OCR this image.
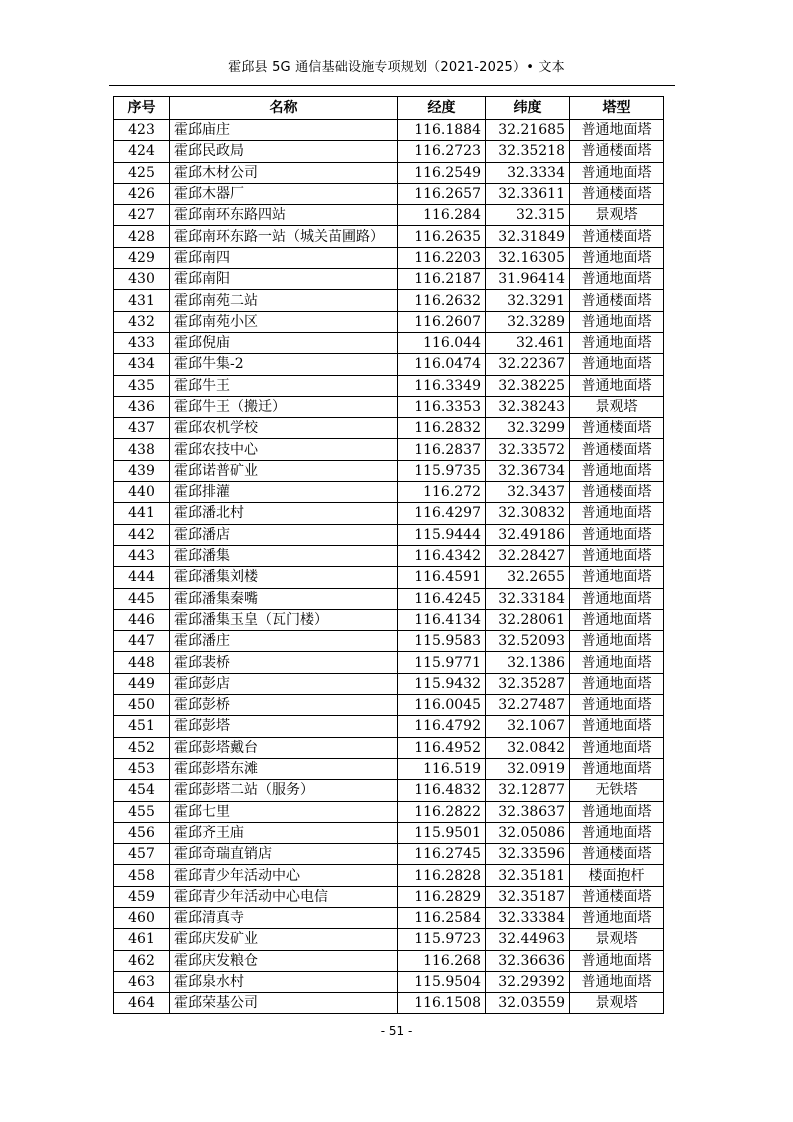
霍邱县 5G 通信基础设施专项规划（2021-2025）• 文本
序号	名称	经度	纬度	塔型
423	霍邱庙庄	116.1884	32.21685	普通地面塔
424	霍邱民政局	116.2723	32.35218	普通楼面塔
425	霍邱木材公司	116.2549	32.3334	普通地面塔
426	霍邱木器厂	116.2657	32.33611	普通楼面塔
427	霍邱南环东路四站	116.284	32.315	景观塔
428	霍邱南环东路一站（城关苗圃路）	116.2635	32.31849	普通楼面塔
429	霍邱南四	116.2203	32.16305	普通地面塔
430	霍邱南阳	116.2187	31.96414	普通地面塔
431	霍邱南苑二站	116.2632	32.3291	普通楼面塔
432	霍邱南苑小区	116.2607	32.3289	普通地面塔
433	霍邱倪庙	116.044	32.461	普通地面塔
434	霍邱牛集-2	116.0474	32.22367	普通地面塔
435	霍邱牛王	116.3349	32.38225	普通地面塔
436	霍邱牛王（搬迁）	116.3353	32.38243	景观塔
437	霍邱农机学校	116.2832	32.3299	普通楼面塔
438	霍邱农技中心	116.2837	32.33572	普通楼面塔
439	霍邱诺普矿业	115.9735	32.36734	普通地面塔
440	霍邱排灌	116.272	32.3437	普通楼面塔
441	霍邱潘北村	116.4297	32.30832	普通地面塔
442	霍邱潘店	115.9444	32.49186	普通地面塔
443	霍邱潘集	116.4342	32.28427	普通地面塔
444	霍邱潘集刘楼	116.4591	32.2655	普通地面塔
445	霍邱潘集秦嘴	116.4245	32.33184	普通地面塔
446	霍邱潘集玉皇（瓦门楼）	116.4134	32.28061	普通地面塔
447	霍邱潘庄	115.9583	32.52093	普通地面塔
448	霍邱裴桥	115.9771	32.1386	普通地面塔
449	霍邱彭店	115.9432	32.35287	普通地面塔
450	霍邱彭桥	116.0045	32.27487	普通地面塔
451	霍邱彭塔	116.4792	32.1067	普通地面塔
452	霍邱彭塔戴台	116.4952	32.0842	普通地面塔
453	霍邱彭塔东滩	116.519	32.0919	普通地面塔
454	霍邱彭塔二站（服务）	116.4832	32.12877	无铁塔
455	霍邱七里	116.2822	32.38637	普通地面塔
456	霍邱齐王庙	115.9501	32.05086	普通地面塔
457	霍邱奇瑞直销店	116.2745	32.33596	普通楼面塔
458	霍邱青少年活动中心	116.2828	32.35181	楼面抱杆
459	霍邱青少年活动中心电信	116.2829	32.35187	普通楼面塔
460	霍邱清真寺	116.2584	32.33384	普通地面塔
461	霍邱庆发矿业	115.9723	32.44963	景观塔
462	霍邱庆发粮仓	116.268	32.36636	普通地面塔
463	霍邱泉水村	115.9504	32.29392	普通地面塔
464	霍邱荣基公司	116.1508	32.03559	景观塔
- 51 -
